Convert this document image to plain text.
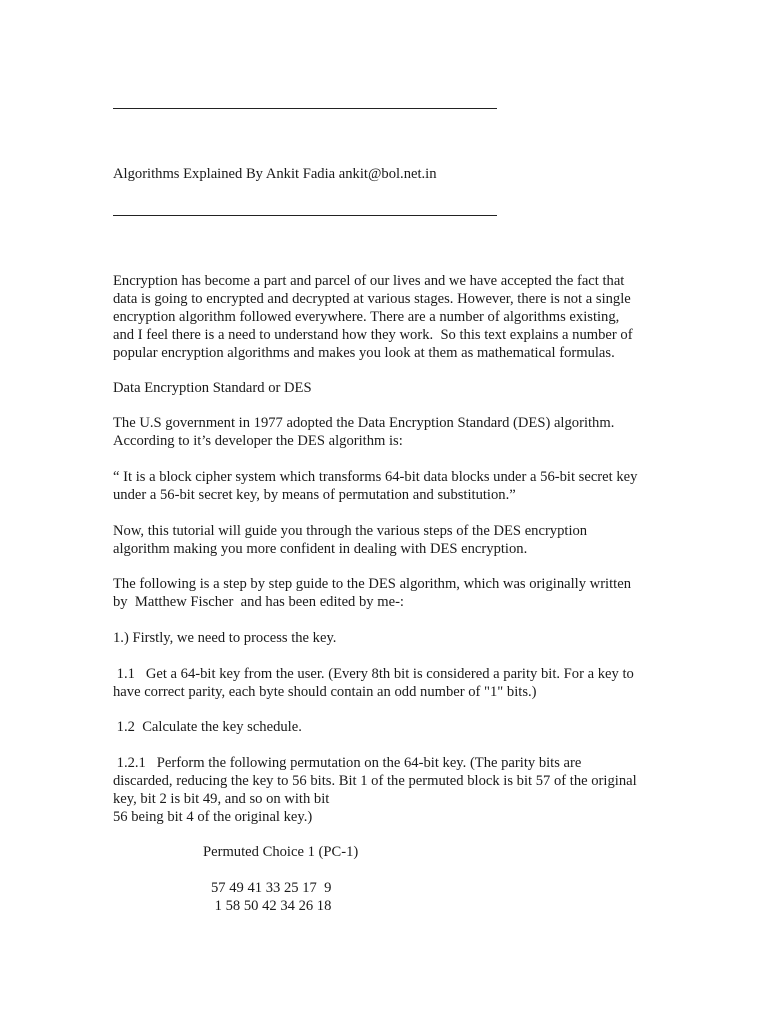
Algorithms Explained By Ankit Fadia ankit@bol.net.in
Encryption has become a part and parcel of our lives and we have accepted the fact that
data is going to encrypted and decrypted at various stages. However, there is not a single
encryption algorithm followed everywhere. There are a number of algorithms existing,
and I feel there is a need to understand how they work.  So this text explains a number of
popular encryption algorithms and makes you look at them as mathematical formulas.
Data Encryption Standard or DES
The U.S government in 1977 adopted the Data Encryption Standard (DES) algorithm.
According to it’s developer the DES algorithm is:
“ It is a block cipher system which transforms 64-bit data blocks under a 56-bit secret key
under a 56-bit secret key, by means of permutation and substitution.”
Now, this tutorial will guide you through the various steps of the DES encryption
algorithm making you more confident in dealing with DES encryption.
The following is a step by step guide to the DES algorithm, which was originally written
by  Matthew Fischer  and has been edited by me-:
1.) Firstly, we need to process the key.
1.1   Get a 64-bit key from the user. (Every 8th bit is considered a parity bit. For a key to
have correct parity, each byte should contain an odd number of "1" bits.)
1.2  Calculate the key schedule.
1.2.1   Perform the following permutation on the 64-bit key. (The parity bits are
discarded, reducing the key to 56 bits. Bit 1 of the permuted block is bit 57 of the original
key, bit 2 is bit 49, and so on with bit
56 being bit 4 of the original key.)
Permuted Choice 1 (PC-1)
57 49 41 33 25 17  9
1 58 50 42 34 26 18
